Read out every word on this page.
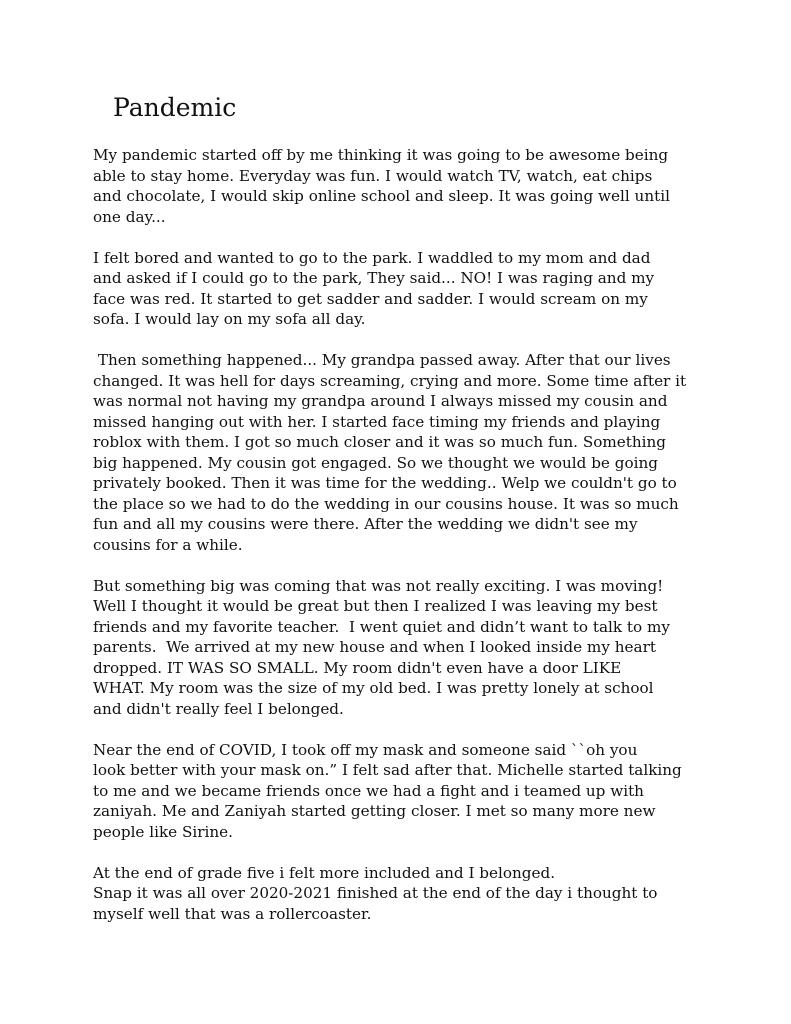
Pandemic
My pandemic started off by me thinking it was going to be awesome being
able to stay home. Everyday was fun. I would watch TV, watch, eat chips
and chocolate, I would skip online school and sleep. It was going well until
one day...
I felt bored and wanted to go to the park. I waddled to my mom and dad
and asked if I could go to the park, They said... NO! I was raging and my
face was red. It started to get sadder and sadder. I would scream on my
sofa. I would lay on my sofa all day.
Then something happened... My grandpa passed away. After that our lives
changed. It was hell for days screaming, crying and more. Some time after it
was normal not having my grandpa around I always missed my cousin and
missed hanging out with her. I started face timing my friends and playing
roblox with them. I got so much closer and it was so much fun. Something
big happened. My cousin got engaged. So we thought we would be going
privately booked. Then it was time for the wedding.. Welp we couldn't go to
the place so we had to do the wedding in our cousins house. It was so much
fun and all my cousins were there. After the wedding we didn't see my
cousins for a while.
But something big was coming that was not really exciting. I was moving!
Well I thought it would be great but then I realized I was leaving my best
friends and my favorite teacher.  I went quiet and didn’t want to talk to my
parents.  We arrived at my new house and when I looked inside my heart
dropped. IT WAS SO SMALL. My room didn't even have a door LIKE
WHAT. My room was the size of my old bed. I was pretty lonely at school
and didn't really feel I belonged.
Near the end of COVID, I took off my mask and someone said ``oh you
look better with your mask on.” I felt sad after that. Michelle started talking
to me and we became friends once we had a fight and i teamed up with
zaniyah. Me and Zaniyah started getting closer. I met so many more new
people like Sirine.
At the end of grade five i felt more included and I belonged.
Snap it was all over 2020-2021 finished at the end of the day i thought to
myself well that was a rollercoaster.
